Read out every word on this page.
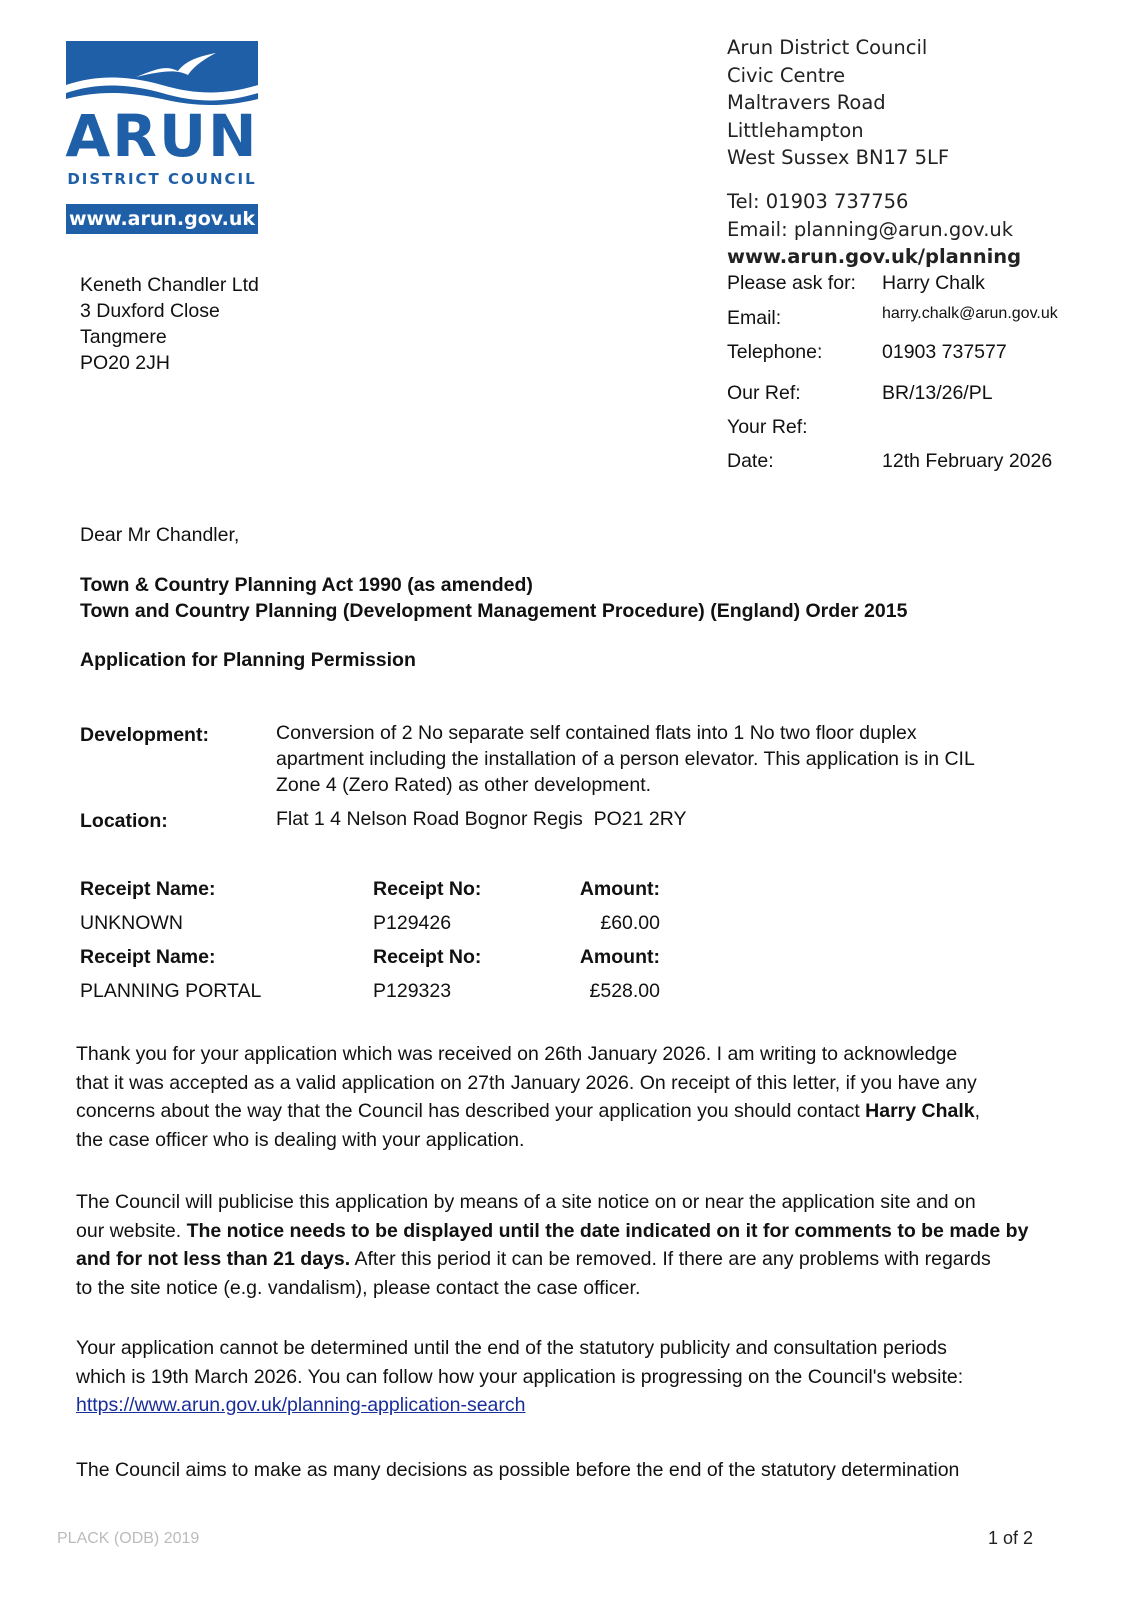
ARUN
DISTRICT COUNCIL
www.arun.gov.uk
Arun District Council
Civic Centre
Maltravers Road
Littlehampton
West Sussex BN17 5LF
Tel: 01903 737756
Email: planning@arun.gov.uk
www.arun.gov.uk/planning
Keneth Chandler Ltd
3 Duxford Close
Tangmere
PO20 2JH
Please ask for: Harry Chalk
Email:	harry.chalk@arun.gov.uk
Telephone:	01903 737577
Our Ref:	BR/13/26/PL
Your Ref:
Date:	12th February 2026
Dear Mr Chandler,
Town & Country Planning Act 1990 (as amended)
Town and Country Planning (Development Management Procedure) (England) Order 2015
Application for Planning Permission
Development:	Conversion of 2 No separate self contained flats into 1 No two floor duplex
apartment including the installation of a person elevator. This application is in CIL
Zone 4 (Zero Rated) as other development.
Location:	Flat 1 4 Nelson Road Bognor Regis  PO21 2RY
Receipt Name:	Receipt No:	Amount:
UNKNOWN	P129426	£60.00
Receipt Name:	Receipt No:	Amount:
PLANNING PORTAL	P129323	£528.00
Thank you for your application which was received on 26th January 2026. I am writing to acknowledge
that it was accepted as a valid application on 27th January 2026. On receipt of this letter, if you have any
concerns about the way that the Council has described your application you should contact Harry Chalk,
the case officer who is dealing with your application.
The Council will publicise this application by means of a site notice on or near the application site and on
our website. The notice needs to be displayed until the date indicated on it for comments to be made by
and for not less than 21 days. After this period it can be removed. If there are any problems with regards
to the site notice (e.g. vandalism), please contact the case officer.
Your application cannot be determined until the end of the statutory publicity and consultation periods
which is 19th March 2026. You can follow how your application is progressing on the Council's website:
https://www.arun.gov.uk/planning-application-search
The Council aims to make as many decisions as possible before the end of the statutory determination
PLACK (ODB) 2019	1 of 2
